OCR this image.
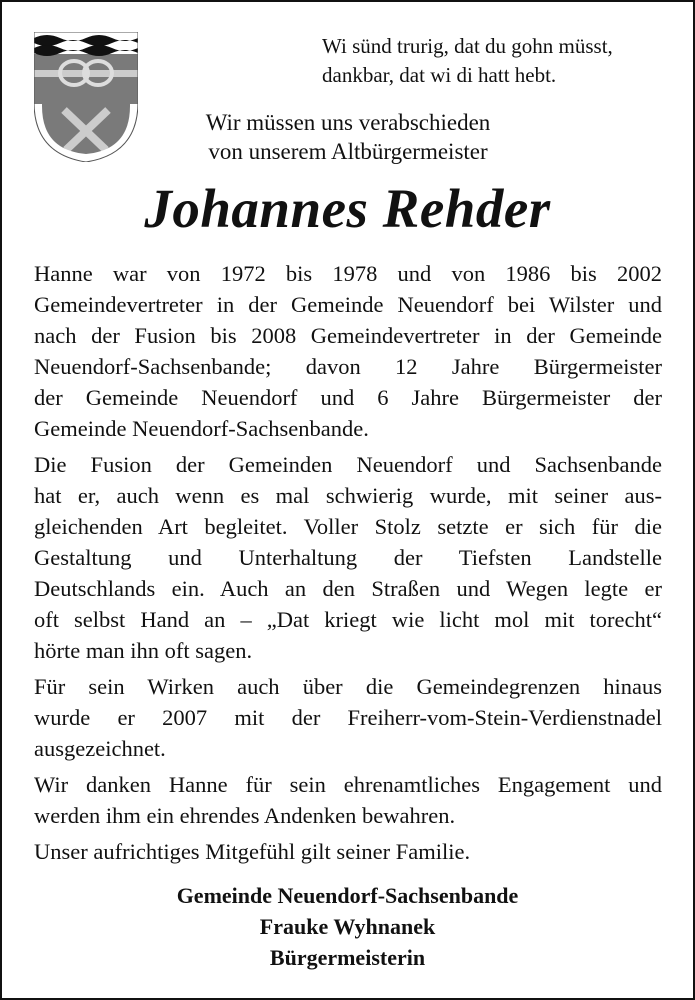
Wi sünd trurig, dat du gohn müsst,
dankbar, dat wi di hatt hebt.
Wir müssen uns verabschieden
von unserem Altbürgermeister
Johannes Rehder
Hanne war von 1972 bis 1978 und von 1986 bis 2002
Gemeindevertreter in der Gemeinde Neuendorf bei Wilster und
nach der Fusion bis 2008 Gemeindevertreter in der Gemeinde
Neuendorf-Sachsenbande; davon 12 Jahre Bürgermeister
der Gemeinde Neuendorf und 6 Jahre Bürgermeister der
Gemeinde Neuendorf-Sachsenbande.
Die Fusion der Gemeinden Neuendorf und Sachsenbande
hat er, auch wenn es mal schwierig wurde, mit seiner aus-
gleichenden Art begleitet. Voller Stolz setzte er sich für die
Gestaltung und Unterhaltung der Tiefsten Landstelle
Deutschlands ein. Auch an den Straßen und Wegen legte er
oft selbst Hand an – „Dat kriegt wie licht mol mit torecht“
hörte man ihn oft sagen.
Für sein Wirken auch über die Gemeindegrenzen hinaus
wurde er 2007 mit der Freiherr-vom-Stein-Verdienstnadel
ausgezeichnet.
Wir danken Hanne für sein ehrenamtliches Engagement und
werden ihm ein ehrendes Andenken bewahren.
Unser aufrichtiges Mitgefühl gilt seiner Familie.
Gemeinde Neuendorf-Sachsenbande
Frauke Wyhnanek
Bürgermeisterin
